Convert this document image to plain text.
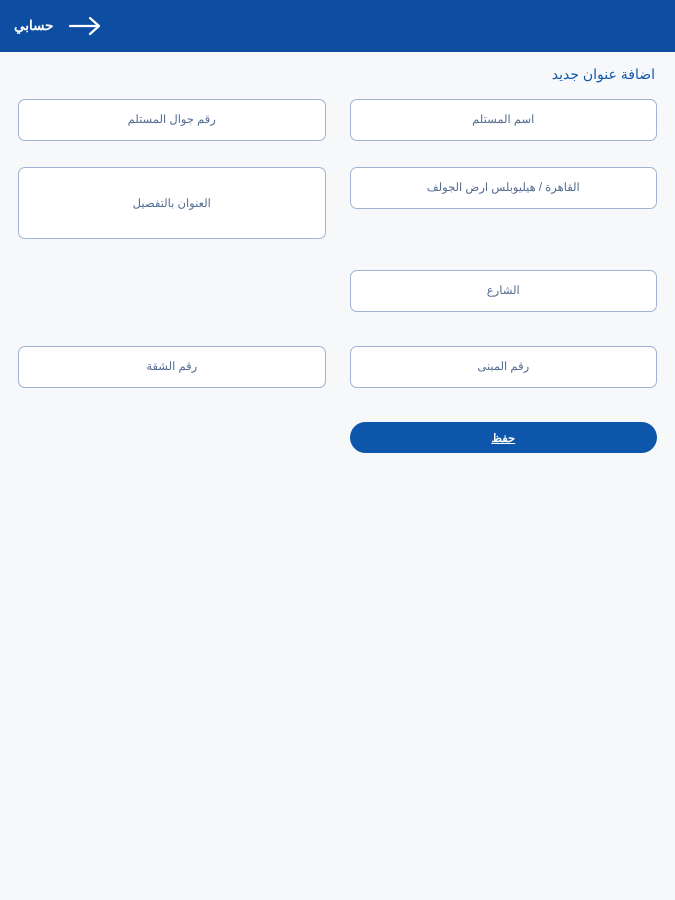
حسابي
اضافة عنوان جديد
اسم المستلم
رقم جوال المستلم
القاهرة / هيليوبلس ارض الجولف
العنوان بالتفصيل
الشارع
رقم المبنى
رقم الشقة
حفظ
